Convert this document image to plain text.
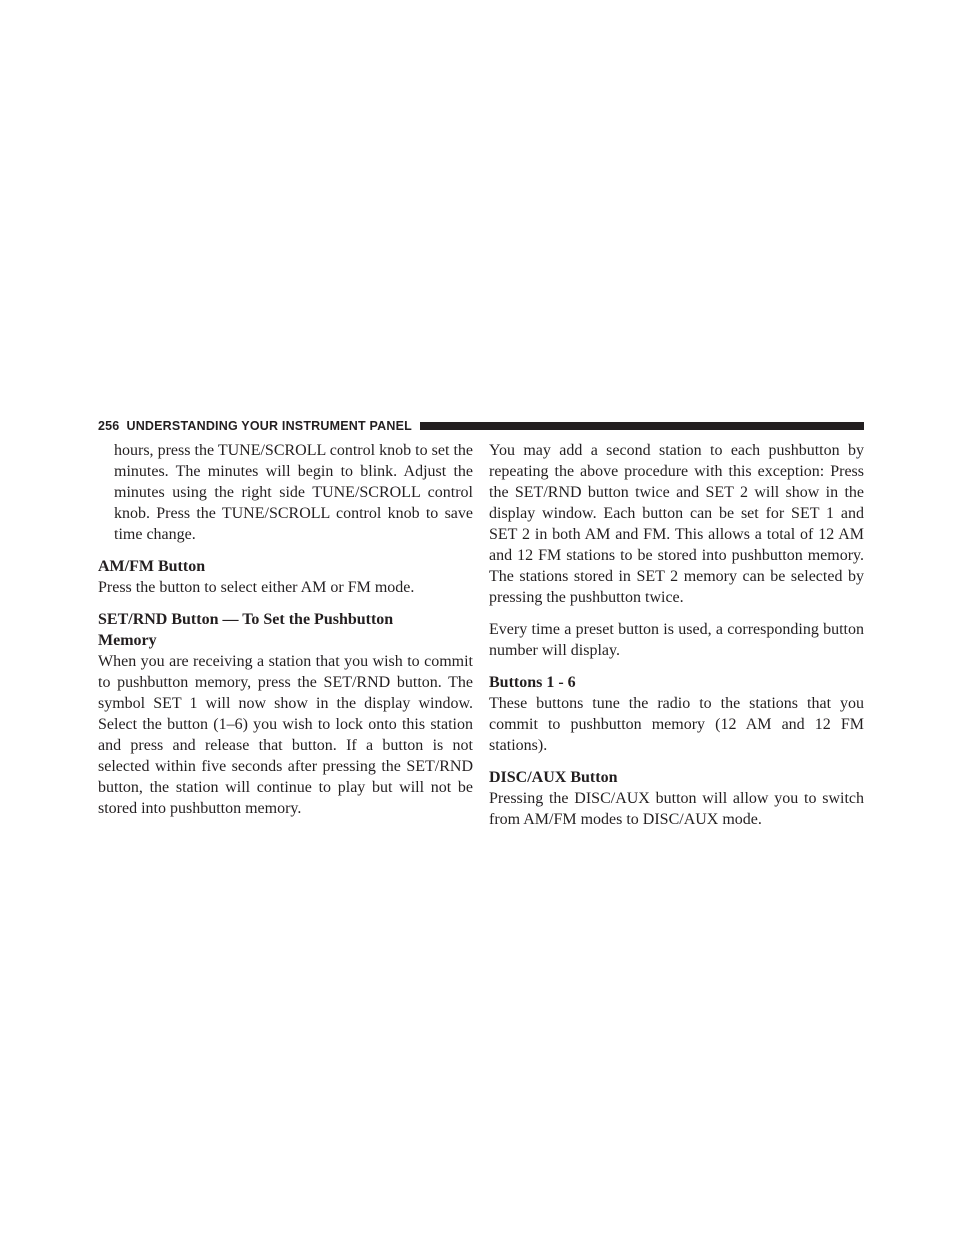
256 UNDERSTANDING YOUR INSTRUMENT PANEL

hours, press the TUNE/SCROLL control knob to set the minutes. The minutes will begin to blink. Adjust the minutes using the right side TUNE/SCROLL control knob. Press the TUNE/SCROLL control knob to save time change.

AM/FM Button

Press the button to select either AM or FM mode.

SET/RND Button — To Set the Pushbutton Memory

When you are receiving a station that you wish to commit to pushbutton memory, press the SET/RND button. The symbol SET 1 will now show in the display window. Select the button (1–6) you wish to lock onto this station and press and release that button. If a button is not selected within five seconds after pressing the SET/RND button, the station will continue to play but will not be stored into pushbutton memory.

You may add a second station to each pushbutton by repeating the above procedure with this exception: Press the SET/RND button twice and SET 2 will show in the display window. Each button can be set for SET 1 and SET 2 in both AM and FM. This allows a total of 12 AM and 12 FM stations to be stored into pushbutton memory. The stations stored in SET 2 memory can be selected by pressing the pushbutton twice.

Every time a preset button is used, a corresponding button number will display.

Buttons 1 - 6

These buttons tune the radio to the stations that you commit to pushbutton memory (12 AM and 12 FM stations).

DISC/AUX Button

Pressing the DISC/AUX button will allow you to switch from AM/FM modes to DISC/AUX mode.
